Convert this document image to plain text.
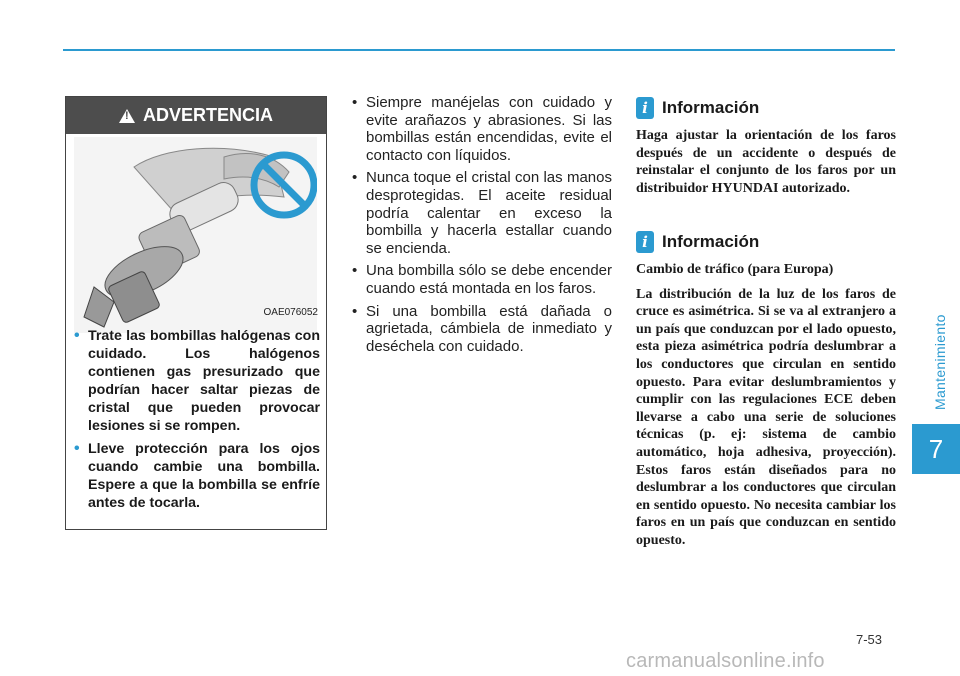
Mantenimiento
7
!
ADVERTENCIA
OAE076052
• Trate las bombillas halógenas con cuidado. Los halógenos contienen gas presurizado que podrían hacer saltar piezas de cristal que pueden provocar lesiones si se rompen.
• Lleve protección para los ojos cuando cambie una bombilla. Espere a que la bombilla se enfríe antes de tocarla.
• Siempre manéjelas con cuidado y evite arañazos y abrasiones. Si las bombillas están encendidas, evite el contacto con líquidos.
• Nunca toque el cristal con las manos desprotegidas. El aceite residual podría calentar en exceso la bombilla y hacerla estallar cuando se encienda.
• Una bombilla sólo se debe encender cuando está montada en los faros.
• Si una bombilla está dañada o agrietada, cámbiela de inmediato y deséchela con cuidado.
i Información

Haga ajustar la orientación de los faros después de un accidente o después de reinstalar el conjunto de los faros por un distribuidor HYUNDAI autorizado.

i Información

Cambio de tráfico (para Europa)

La distribución de la luz de los faros de cruce es asimétrica. Si se va al extranjero a un país que conduzcan por el lado opuesto, esta pieza asimétrica podría deslumbrar a los conductores que circulan en sentido opuesto. Para evitar deslumbramientos y cumplir con las regulaciones ECE deben llevarse a cabo una serie de soluciones técnicas (p. ej: sistema de cambio automático, hoja adhesiva, proyección). Estos faros están diseñados para no deslumbrar a los conductores que circulan en sentido opuesto. No necesita cambiar los faros en un país que conduzcan en sentido opuesto.

7-53
carmanualsonline.info
